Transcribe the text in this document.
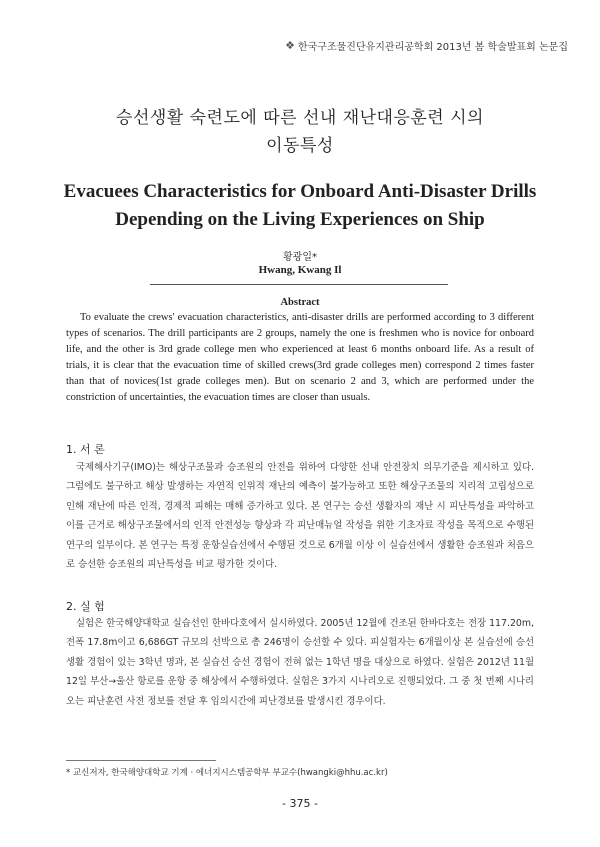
❖ 한국구조물진단유지관리공학회 2013년 봄 학술발표회 논문집
승선생활 숙련도에 따른 선내 재난대응훈련 시의
이동특성
Evacuees Characteristics for Onboard Anti-Disaster Drills
Depending on the Living Experiences on Ship
황광일*
Hwang, Kwang Il
Abstract

To evaluate the crews' evacuation characteristics, anti-disaster drills are performed according to 3 different types of scenarios. The drill participants are 2 groups, namely the one is freshmen who is novice for onboard life, and the other is 3rd grade college men who experienced at least 6 months onboard life. As a result of trials, it is clear that the evacuation time of skilled crews(3rd grade colleges men) correspond 2 times faster than that of novices(1st grade colleges men). But on scenario 2 and 3, which are performed under the constriction of uncertainties, the evacuation times are closer than usuals.

1. 서 론

국제해사기구(IMO)는 해상구조물과 승조원의 안전을 위하여 다양한 선내 안전장치 의무기준을 제시하고 있다. 그럼에도 불구하고 해상 발생하는 자연적 인위적 재난의 예측이 불가능하고 또한 해상구조물의 지리적 고립성으로 인해 재난에 따른 인적, 경제적 피해는 매해 증가하고 있다. 본 연구는 승선 생활자의 재난 시 피난특성을 파악하고 이를 근거로 해상구조물에서의 인적 안전성능 향상과 각 피난매뉴얼 작성을 위한 기초자료 작성을 목적으로 수행된 연구의 일부이다. 본 연구는 특정 운항실습선에서 수행된 것으로 6개월 이상 이 실습선에서 생활한 승조원과 처음으로 승선한 승조원의 피난특성을 비교 평가한 것이다.

2. 실 험

실험은 한국해양대학교 실습선인 한바다호에서 실시하였다. 2005년 12월에 건조된 한바다호는 전장 117.20m, 전폭 17.8m이고 6,686GT 규모의 선박으로 총 246명이 승선할 수 있다. 피실험자는 6개월이상 본 실습선에 승선 생활 경험이 있는 3학년 명과, 본 실습선 승선 경험이 전혀 없는 1학년 명을 대상으로 하였다. 실험은 2012년 11월 12일 부산→울산 항로를 운항 중 해상에서 수행하였다. 실험은 3가지 시나리오로 진행되었다. 그 중 첫 번째 시나리오는 피난훈련 사전 정보를 전달 후 임의시간에 피난경보를 발생시킨 경우이다.

* 교신저자, 한국해양대학교 기계 · 에너지시스템공학부 부교수(hwangki@hhu.ac.kr)
- 375 -
